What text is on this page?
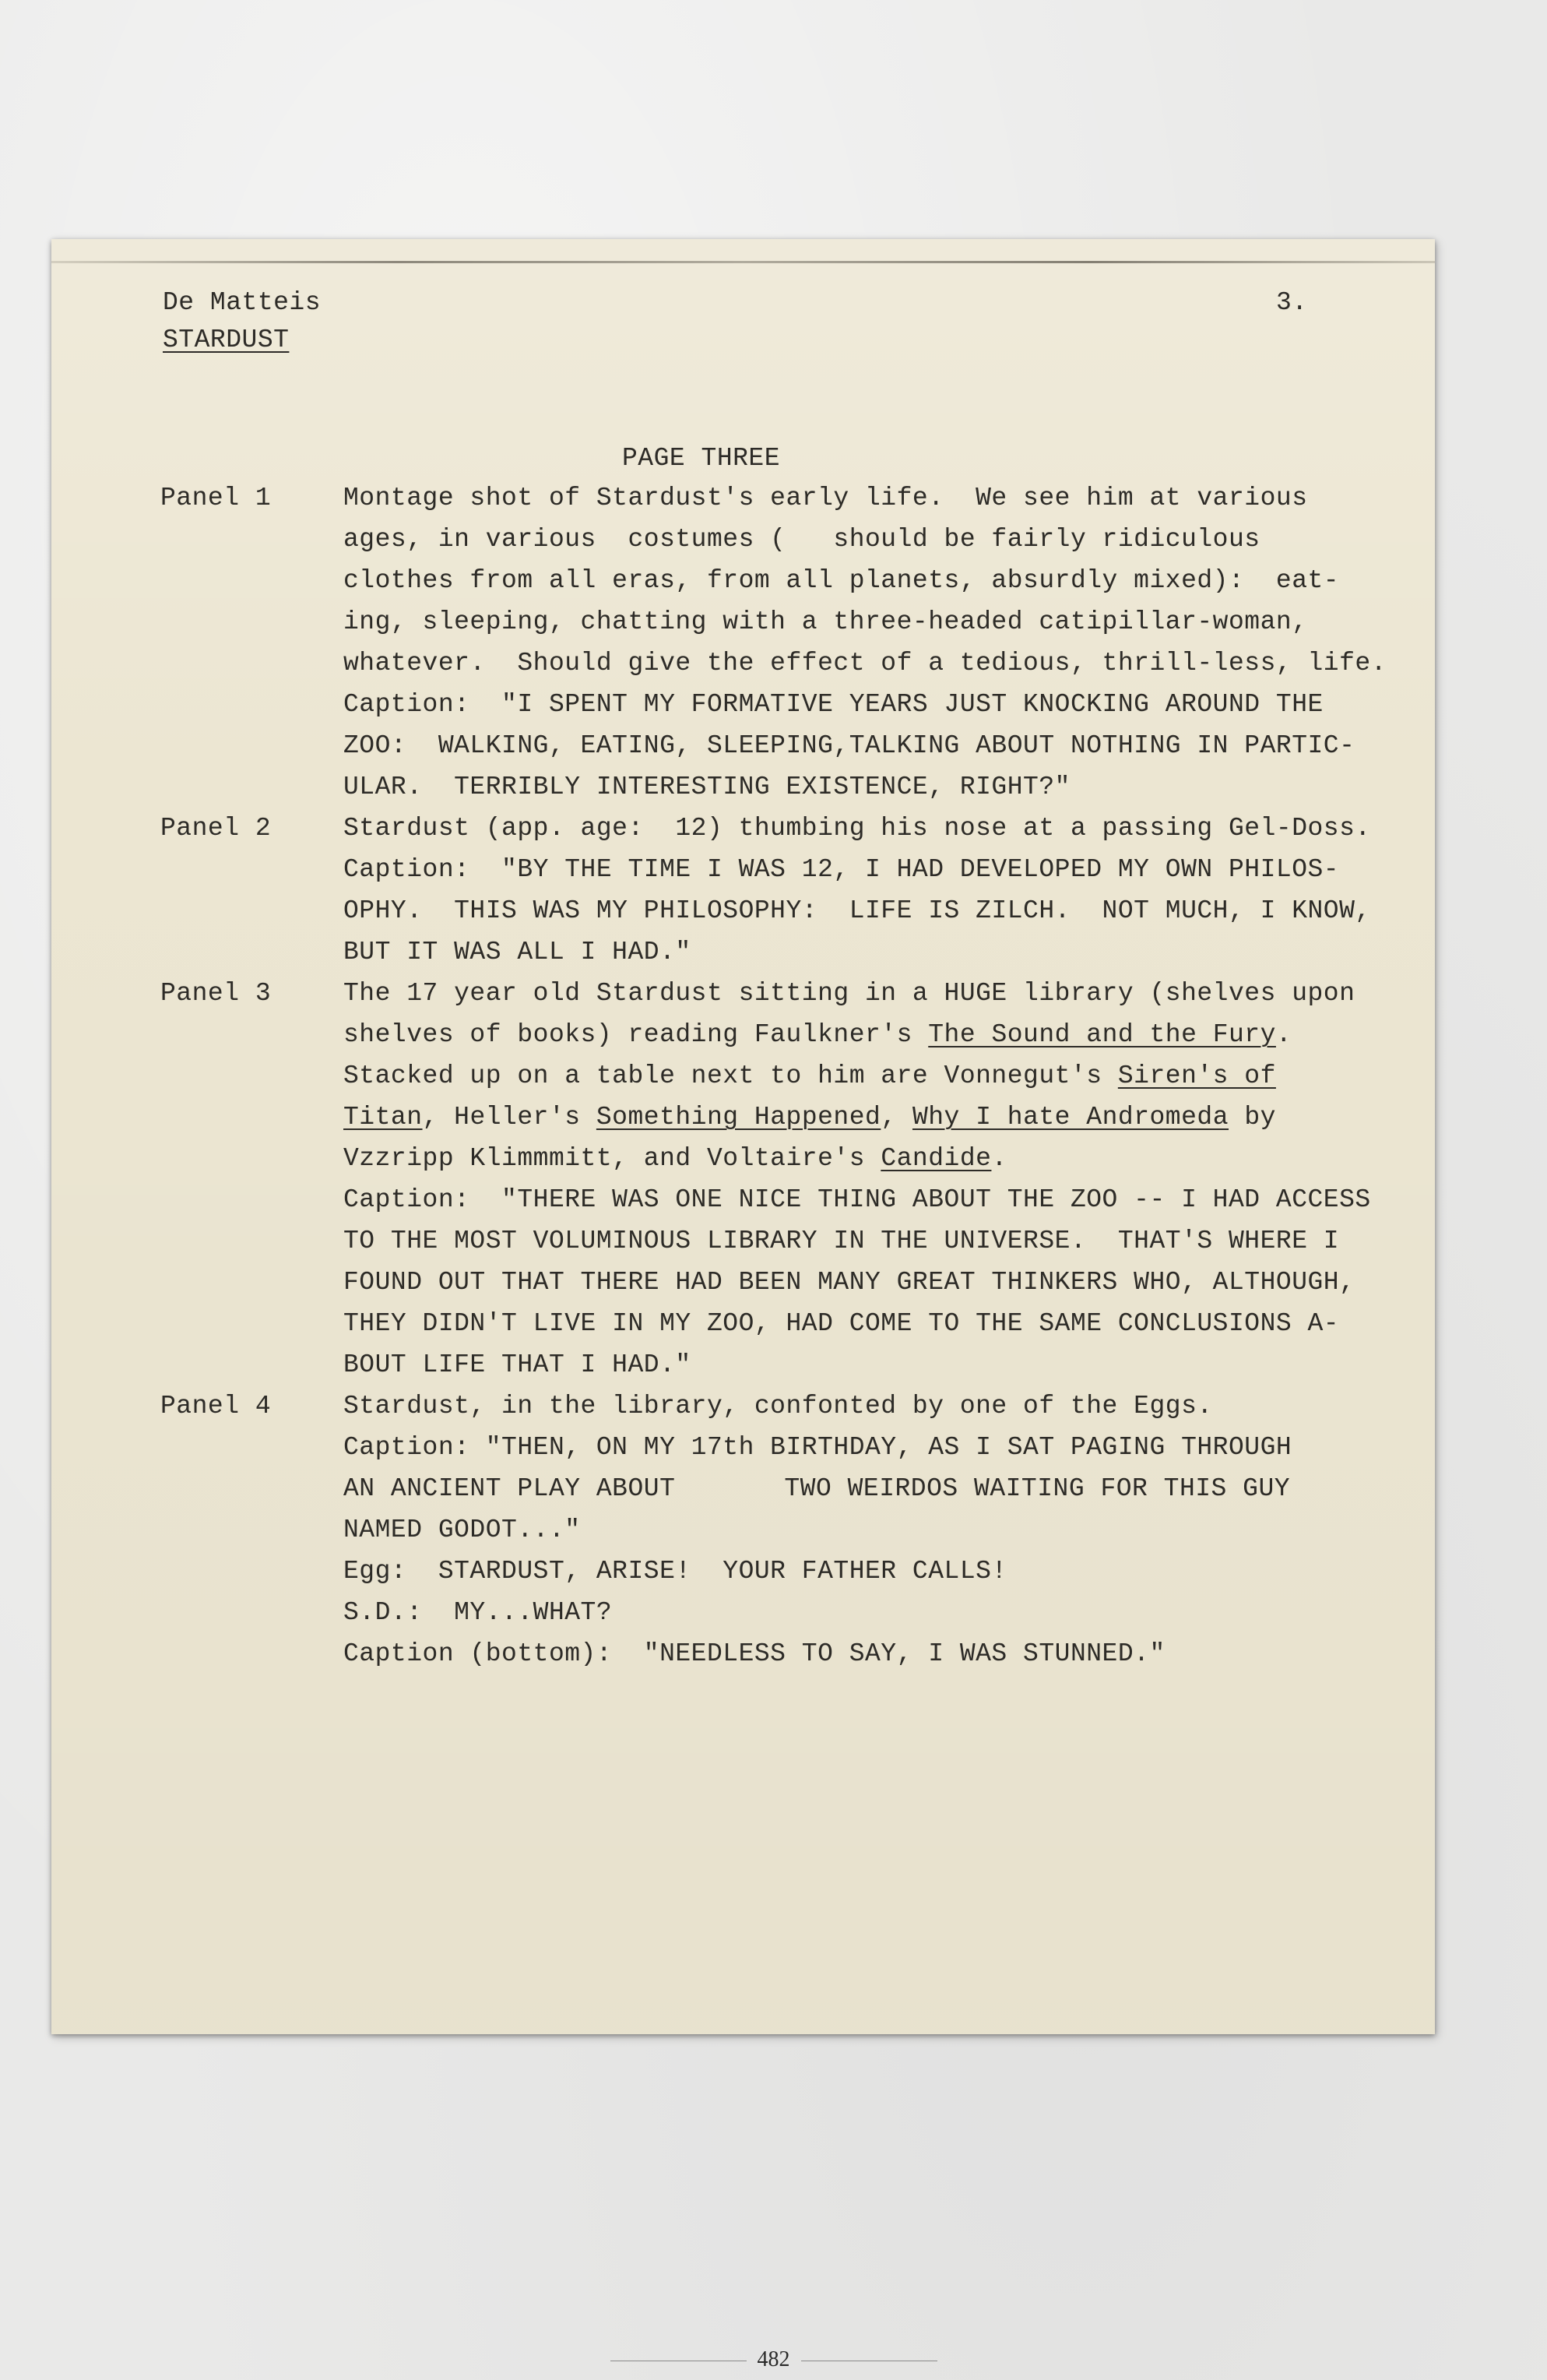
De Matteis
STARDUST
3.
PAGE THREE
Panel 1
Panel 2
Panel 3
Panel 4
Montage shot of Stardust's early life.  We see him at various
ages, in various  costumes (   should be fairly ridiculous
clothes from all eras, from all planets, absurdly mixed):  eat-
ing, sleeping, chatting with a three-headed catipillar-woman,
whatever.  Should give the effect of a tedious, thrill-less, life.
Caption:  "I SPENT MY FORMATIVE YEARS JUST KNOCKING AROUND THE
ZOO:  WALKING, EATING, SLEEPING,TALKING ABOUT NOTHING IN PARTIC-
ULAR.  TERRIBLY INTERESTING EXISTENCE, RIGHT?"
Stardust (app. age:  12) thumbing his nose at a passing Gel-Doss.
Caption:  "BY THE TIME I WAS 12, I HAD DEVELOPED MY OWN PHILOS-
OPHY.  THIS WAS MY PHILOSOPHY:  LIFE IS ZILCH.  NOT MUCH, I KNOW,
BUT IT WAS ALL I HAD."
The 17 year old Stardust sitting in a HUGE library (shelves upon
shelves of books) reading Faulkner's The Sound and the Fury.
Stacked up on a table next to him are Vonnegut's Siren's of
Titan, Heller's Something Happened, Why I hate Andromeda by
Vzzripp Klimmmitt, and Voltaire's Candide.
Caption:  "THERE WAS ONE NICE THING ABOUT THE ZOO -- I HAD ACCESS
TO THE MOST VOLUMINOUS LIBRARY IN THE UNIVERSE.  THAT'S WHERE I
FOUND OUT THAT THERE HAD BEEN MANY GREAT THINKERS WHO, ALTHOUGH,
THEY DIDN'T LIVE IN MY ZOO, HAD COME TO THE SAME CONCLUSIONS A-
BOUT LIFE THAT I HAD."
Stardust, in the library, confonted by one of the Eggs.
Caption: "THEN, ON MY 17th BIRTHDAY, AS I SAT PAGING THROUGH
AN ANCIENT PLAY ABOUT	TWO WEIRDOS WAITING FOR THIS GUY
NAMED GODOT..."
Egg:  STARDUST, ARISE!  YOUR FATHER CALLS!
S.D.:  MY...WHAT?
Caption (bottom):  "NEEDLESS TO SAY, I WAS STUNNED."
482
